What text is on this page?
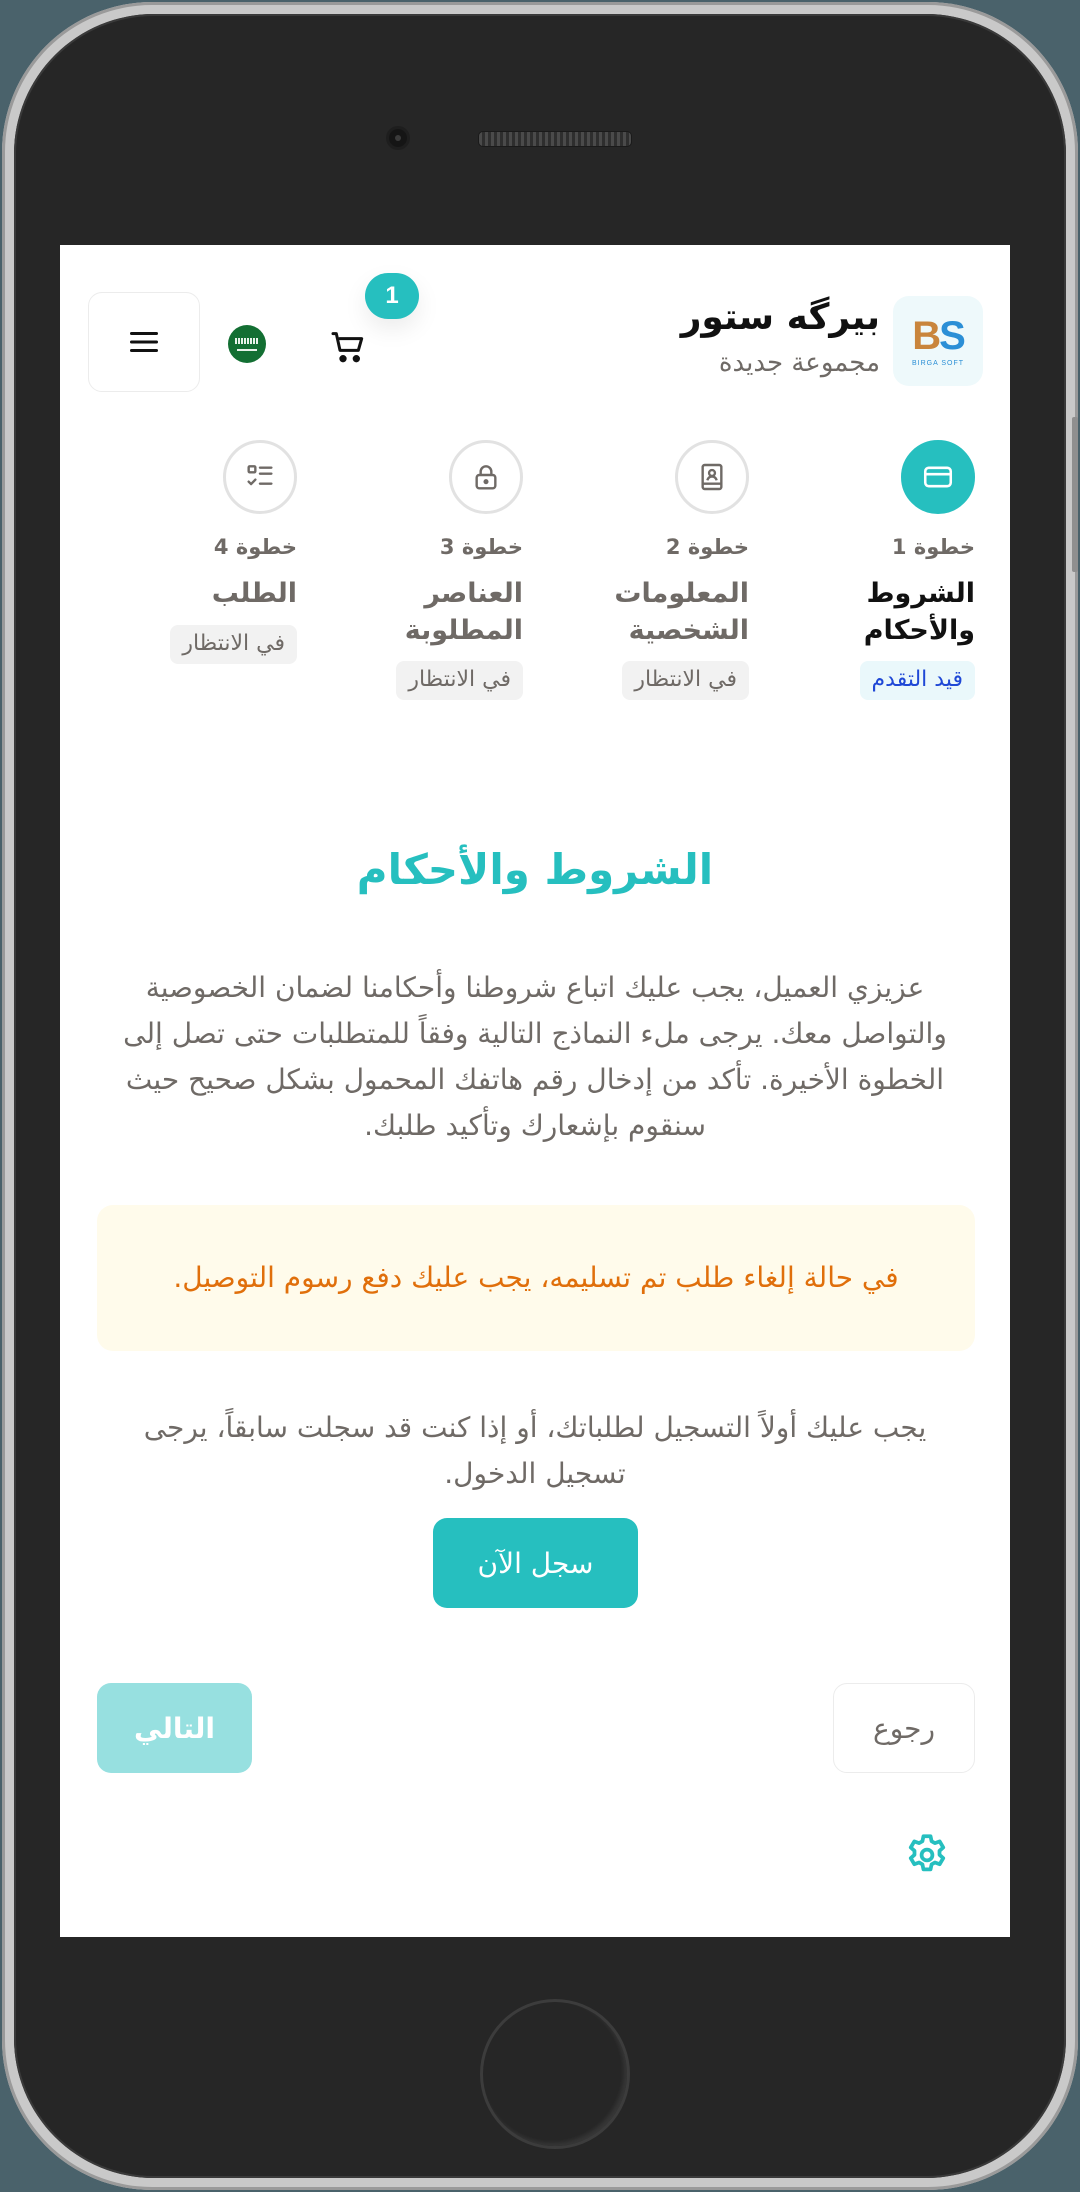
BS
BIRGA SOFT
بيرگه ستور
مجموعة جديدة
1
خطوة 1
الشروط
والأحكام
قيد التقدم
خطوة 2
المعلومات
الشخصية
في الانتظار
خطوة 3
العناصر
المطلوبة
في الانتظار
خطوة 4
الطلب
في الانتظار
الشروط والأحكام
عزيزي العميل، يجب عليك اتباع شروطنا وأحكامنا لضمان الخصوصية والتواصل معك. يرجى ملء النماذج التالية وفقاً للمتطلبات حتى تصل إلى الخطوة الأخيرة. تأكد من إدخال رقم هاتفك المحمول بشكل صحيح حيث سنقوم بإشعارك وتأكيد طلبك.
في حالة إلغاء طلب تم تسليمه، يجب عليك دفع رسوم التوصيل.
يجب عليك أولاً التسجيل لطلباتك، أو إذا كنت قد سجلت سابقاً، يرجى تسجيل الدخول.
سجل الآن
رجوع
التالي
